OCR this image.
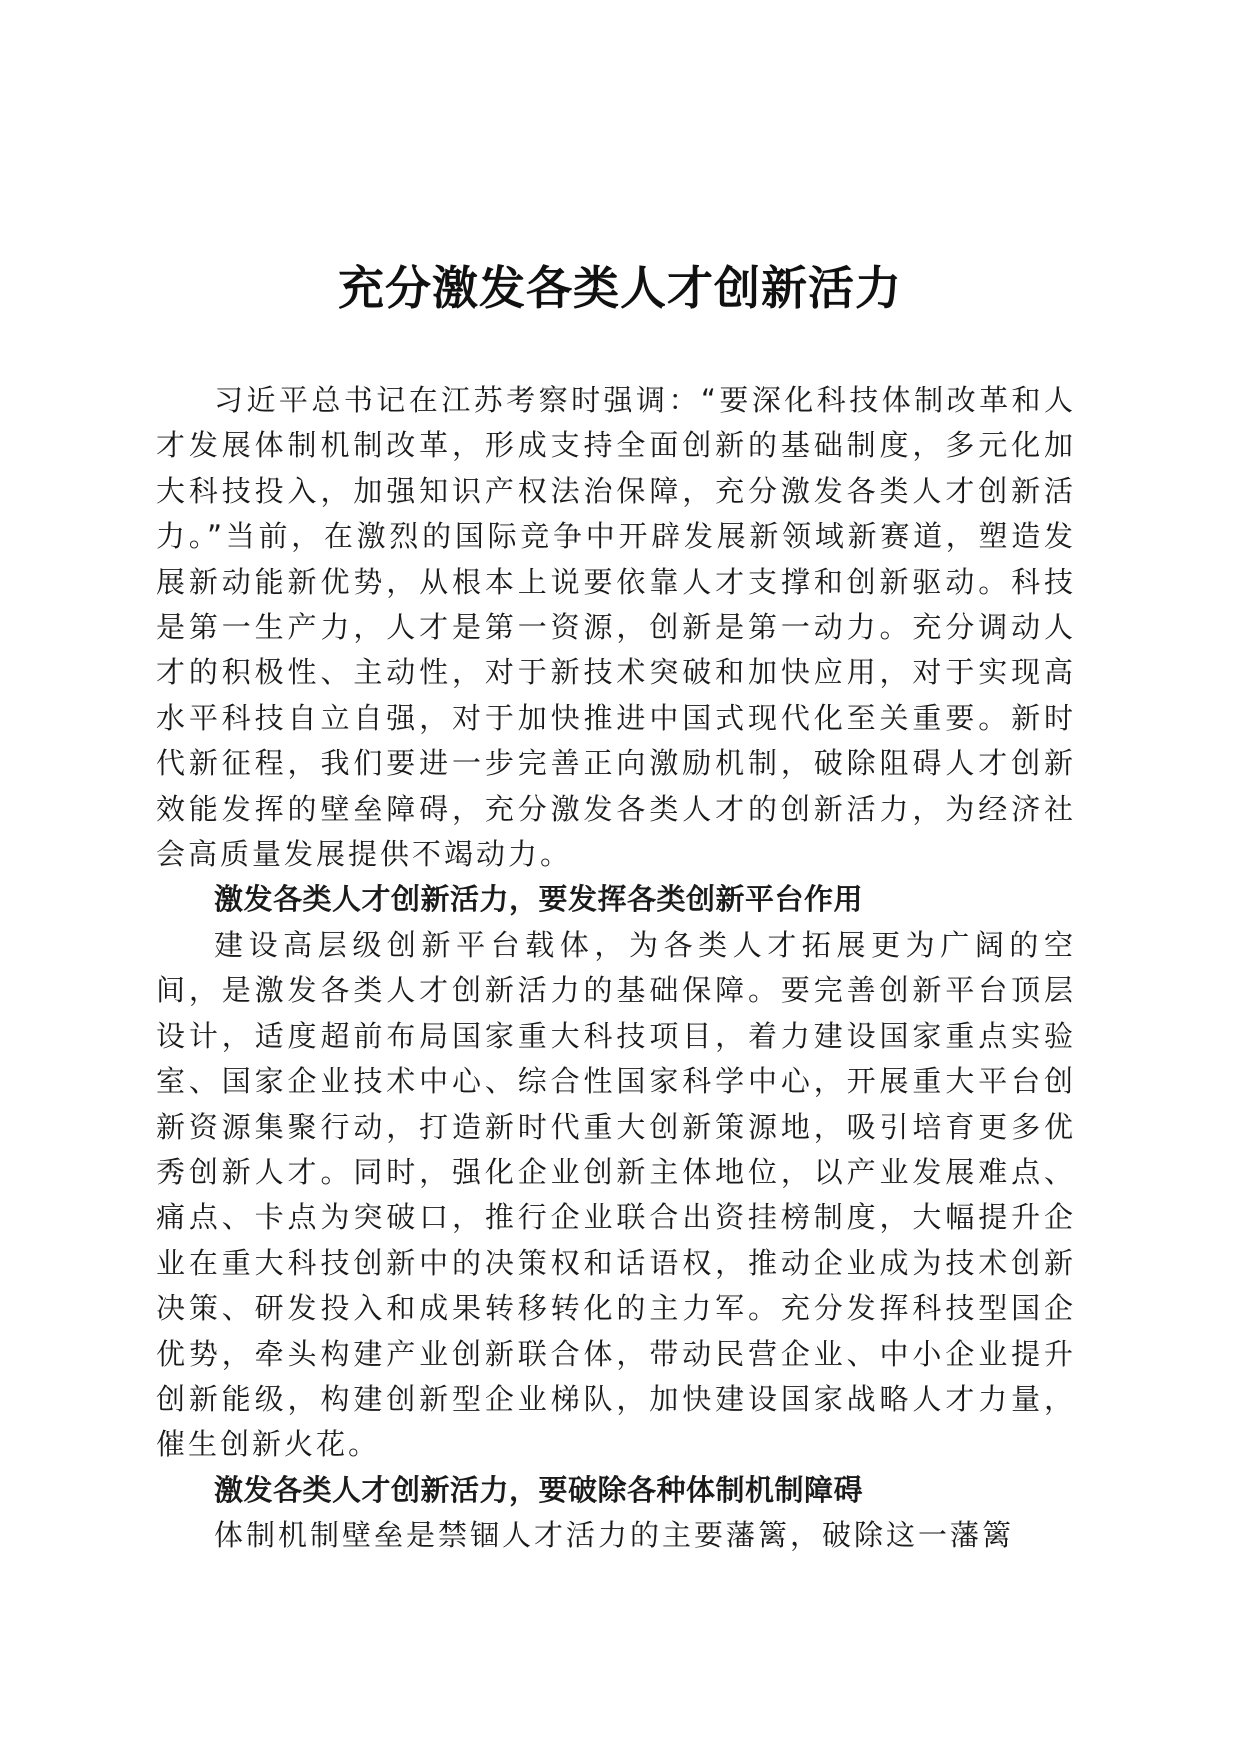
充分激发各类人才创新活力

习近平总书记在江苏考察时强调：“要深化科技体制改革和人才发展体制机制改革，形成支持全面创新的基础制度，多元化加大科技投入，加强知识产权法治保障，充分激发各类人才创新活力。”当前，在激烈的国际竞争中开辟发展新领域新赛道，塑造发展新动能新优势，从根本上说要依靠人才支撑和创新驱动。科技是第一生产力，人才是第一资源，创新是第一动力。充分调动人才的积极性、主动性，对于新技术突破和加快应用，对于实现高水平科技自立自强，对于加快推进中国式现代化至关重要。新时代新征程，我们要进一步完善正向激励机制，破除阻碍人才创新效能发挥的壁垒障碍，充分激发各类人才的创新活力，为经济社会高质量发展提供不竭动力。

激发各类人才创新活力，要发挥各类创新平台作用

建设高层级创新平台载体，为各类人才拓展更为广阔的空间，是激发各类人才创新活力的基础保障。要完善创新平台顶层设计，适度超前布局国家重大科技项目，着力建设国家重点实验室、国家企业技术中心、综合性国家科学中心，开展重大平台创新资源集聚行动，打造新时代重大创新策源地，吸引培育更多优秀创新人才。同时，强化企业创新主体地位，以产业发展难点、痛点、卡点为突破口，推行企业联合出资挂榜制度，大幅提升企业在重大科技创新中的决策权和话语权，推动企业成为技术创新决策、研发投入和成果转移转化的主力军。充分发挥科技型国企优势，牵头构建产业创新联合体，带动民营企业、中小企业提升创新能级，构建创新型企业梯队，加快建设国家战略人才力量，催生创新火花。

激发各类人才创新活力，要破除各种体制机制障碍

体制机制壁垒是禁锢人才活力的主要藩篱，破除这一藩篱
